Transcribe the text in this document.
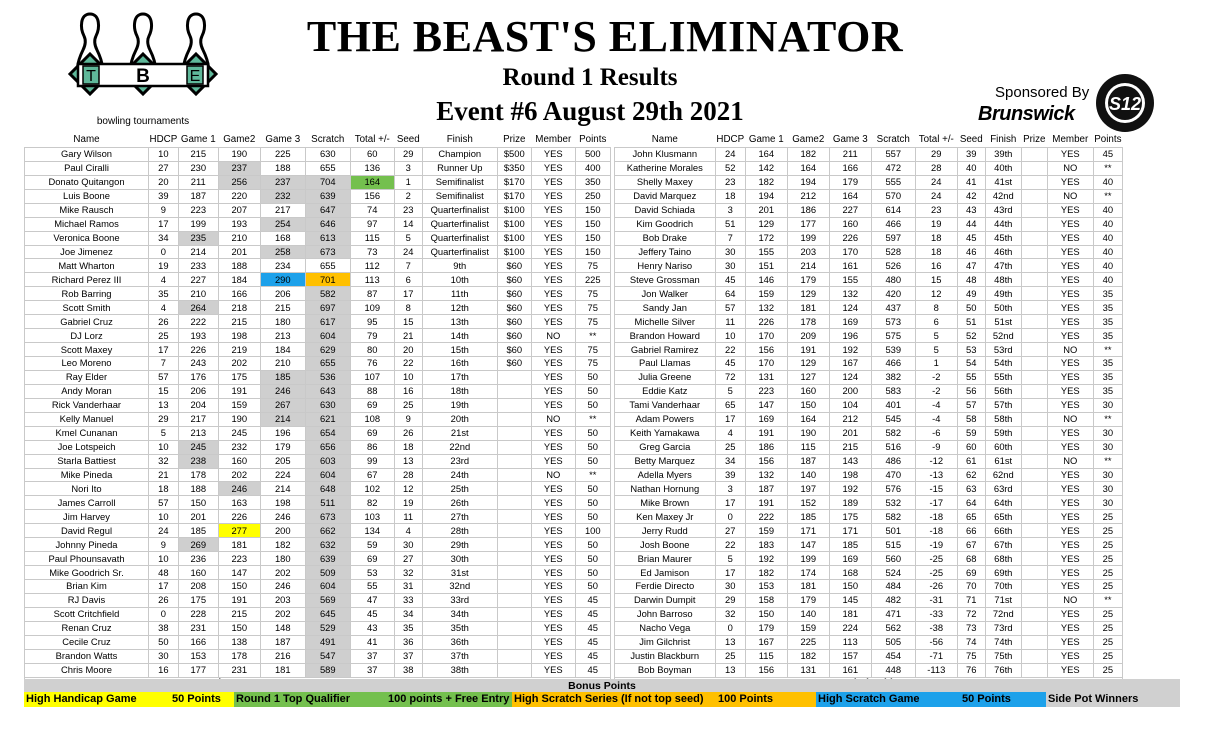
T B E
bowling tournaments
THE BEAST'S ELIMINATOR
Round 1 Results
Event #6 August 29th 2021
Sponsored By
Brunswick S12
Name	HDCP	Game 1	Game2	Game 3	Scratch	Total +/-	Seed	Finish	Prize	Member	Points		Name	HDCP	Game 1	Game2	Game 3	Scratch	Total +/-	Seed	Finish	Prize	Member	Points
Gary Wilson	10	215	190	225	630	60	29	Champion	$500	YES	500		John Klusmann	24	164	182	211	557	29	39	39th		YES	45
Paul Ciralli	27	230	237	188	655	136	3	Runner Up	$350	YES	400		Katherine Morales	52	142	164	166	472	28	40	40th		NO	**
Donato Quitangon	20	211	256	237	704	164	1	Semifinalist	$170	YES	350		Shelly Maxey	23	182	194	179	555	24	41	41st		YES	40
Luis Boone	39	187	220	232	639	156	2	Semifinalist	$170	YES	250		David Marquez	18	194	212	164	570	24	42	42nd		NO	**
Mike Rausch	9	223	207	217	647	74	23	Quarterfinalist	$100	YES	150		David Schiada	3	201	186	227	614	23	43	43rd		YES	40
Michael Ramos	17	199	193	254	646	97	14	Quarterfinalist	$100	YES	150		Kim Goodrich	51	129	177	160	466	19	44	44th		YES	40
Veronica Boone	34	235	210	168	613	115	5	Quarterfinalist	$100	YES	150		Bob Drake	7	172	199	226	597	18	45	45th		YES	40
Joe Jimenez	0	214	201	258	673	73	24	Quarterfinalist	$100	YES	150		Jeffery Taino	30	155	203	170	528	18	46	46th		YES	40
Matt Wharton	19	233	188	234	655	112	7	9th	$60	YES	75		Henry Nariso	30	151	214	161	526	16	47	47th		YES	40
Richard Perez III	4	227	184	290	701	113	6	10th	$60	YES	225		Steve Grossman	45	146	179	155	480	15	48	48th		YES	40
Rob Barring	35	210	166	206	582	87	17	11th	$60	YES	75		Jon Walker	64	159	129	132	420	12	49	49th		YES	35
Scott Smith	4	264	218	215	697	109	8	12th	$60	YES	75		Sandy Jan	57	132	181	124	437	8	50	50th		YES	35
Gabriel Cruz	26	222	215	180	617	95	15	13th	$60	YES	75		Michelle Silver	11	226	178	169	573	6	51	51st		YES	35
DJ Lorz	25	193	198	213	604	79	21	14th	$60	NO	**		Brandon Howard	10	170	209	196	575	5	52	52nd		YES	35
Scott Maxey	17	226	219	184	629	80	20	15th	$60	YES	75		Gabriel Ramirez	22	156	191	192	539	5	53	53rd		NO	**
Leo Moreno	7	243	202	210	655	76	22	16th	$60	YES	75		Paul Llamas	45	170	129	167	466	1	54	54th		YES	35
Ray Elder	57	176	175	185	536	107	10	17th		YES	50		Julia Greene	72	131	127	124	382	-2	55	55th		YES	35
Andy Moran	15	206	191	246	643	88	16	18th		YES	50		Eddie Katz	5	223	160	200	583	-2	56	56th		YES	35
Rick Vanderhaar	13	204	159	267	630	69	25	19th		YES	50		Tami Vanderhaar	65	147	150	104	401	-4	57	57th		YES	30
Kelly Manuel	29	217	190	214	621	108	9	20th		NO	**		Adam Powers	17	169	164	212	545	-4	58	58th		NO	**
Kmel Cunanan	5	213	245	196	654	69	26	21st		YES	50		Keith Yamakawa	4	191	190	201	582	-6	59	59th		YES	30
Joe Lotspeich	10	245	232	179	656	86	18	22nd		YES	50		Greg Garcia	25	186	115	215	516	-9	60	60th		YES	30
Starla Battiest	32	238	160	205	603	99	13	23rd		YES	50		Betty Marquez	34	156	187	143	486	-12	61	61st		NO	**
Mike Pineda	21	178	202	224	604	67	28	24th		NO	**		Adella Myers	39	132	140	198	470	-13	62	62nd		YES	30
Nori Ito	18	188	246	214	648	102	12	25th		YES	50		Nathan Hornung	3	187	197	192	576	-15	63	63rd		YES	30
James Carroll	57	150	163	198	511	82	19	26th		YES	50		Mike Brown	17	191	152	189	532	-17	64	64th		YES	30
Jim Harvey	10	201	226	246	673	103	11	27th		YES	50		Ken Maxey Jr	0	222	185	175	582	-18	65	65th		YES	25
David Regul	24	185	277	200	662	134	4	28th		YES	100		Jerry Rudd	27	159	171	171	501	-18	66	66th		YES	25
Johnny Pineda	9	269	181	182	632	59	30	29th		YES	50		Josh Boone	22	183	147	185	515	-19	67	67th		YES	25
Paul Phounsavath	10	236	223	180	639	69	27	30th		YES	50		Brian Maurer	5	192	199	169	560	-25	68	68th		YES	25
Mike Goodrich Sr.	48	160	147	202	509	53	32	31st		YES	50		Ed Jamison	17	182	174	168	524	-25	69	69th		YES	25
Brian Kim	17	208	150	246	604	55	31	32nd		YES	50		Ferdie Directo	30	153	181	150	484	-26	70	70th		YES	25
RJ Davis	26	175	191	203	569	47	33	33rd		YES	45		Darwin Dumpit	29	158	179	145	482	-31	71	71st		NO	**
Scott Critchfield	0	228	215	202	645	45	34	34th		YES	45		John Barroso	32	150	140	181	471	-33	72	72nd		YES	25
Renan Cruz	38	231	150	148	529	43	35	35th		YES	45		Nacho Vega	0	179	159	224	562	-38	73	73rd		YES	25
Cecile Cruz	50	166	138	187	491	41	36	36th		YES	45		Jim Gilchrist	13	167	225	113	505	-56	74	74th		YES	25
Brandon Watts	30	153	178	216	547	37	37	37th		YES	45		Justin Blackburn	25	115	182	157	454	-71	75	75th		YES	25
Chris Moore	16	177	231	181	589	37	38	38th		YES	45		Bob Boyman	13	156	131	161	448	-113	76	76th		YES	25

Bonus Points
High Handicap Game	50 Points	Round 1 Top Qualifier	100 points + Free Entry High Scratch Series (If not top seed)	100 Points	High Scratch Game	50 Points	Side Pot Winners
